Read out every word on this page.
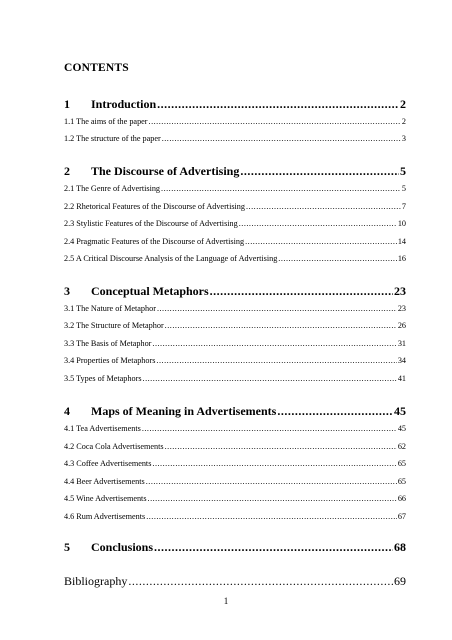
CONTENTS
1	Introduction .....	2
1.1 The aims of the paper .....	2
1.2 The structure of the paper .....	3
2	The Discourse of Advertising .....	5
2.1 The Genre of Advertising .....	5
2.2 Rhetorical Features of the Discourse of Advertising .....	7
2.3 Stylistic Features of the Discourse of Advertising .....	10
2.4 Pragmatic Features of the Discourse of Advertising .....	14
2.5 A Critical Discourse Analysis of the Language of Advertising .....	16
3	Conceptual Metaphors .....	23
3.1 The Nature of Metaphor .....	23
3.2 The Structure of Metaphor .....	26
3.3 The Basis of Metaphor .....	31
3.4 Properties of Metaphors .....	34
3.5 Types of Metaphors .....	41
4	Maps of Meaning in Advertisements .....	45
4.1 Tea Advertisements .....	45
4.2 Coca Cola Advertisements .....	62
4.3 Coffee Advertisements .....	65
4.4 Beer Advertisements .....	65
4.5 Wine Advertisements .....	66
4.6 Rum Advertisements .....	67
5	Conclusions .....	68
Bibliography .....	69
1
